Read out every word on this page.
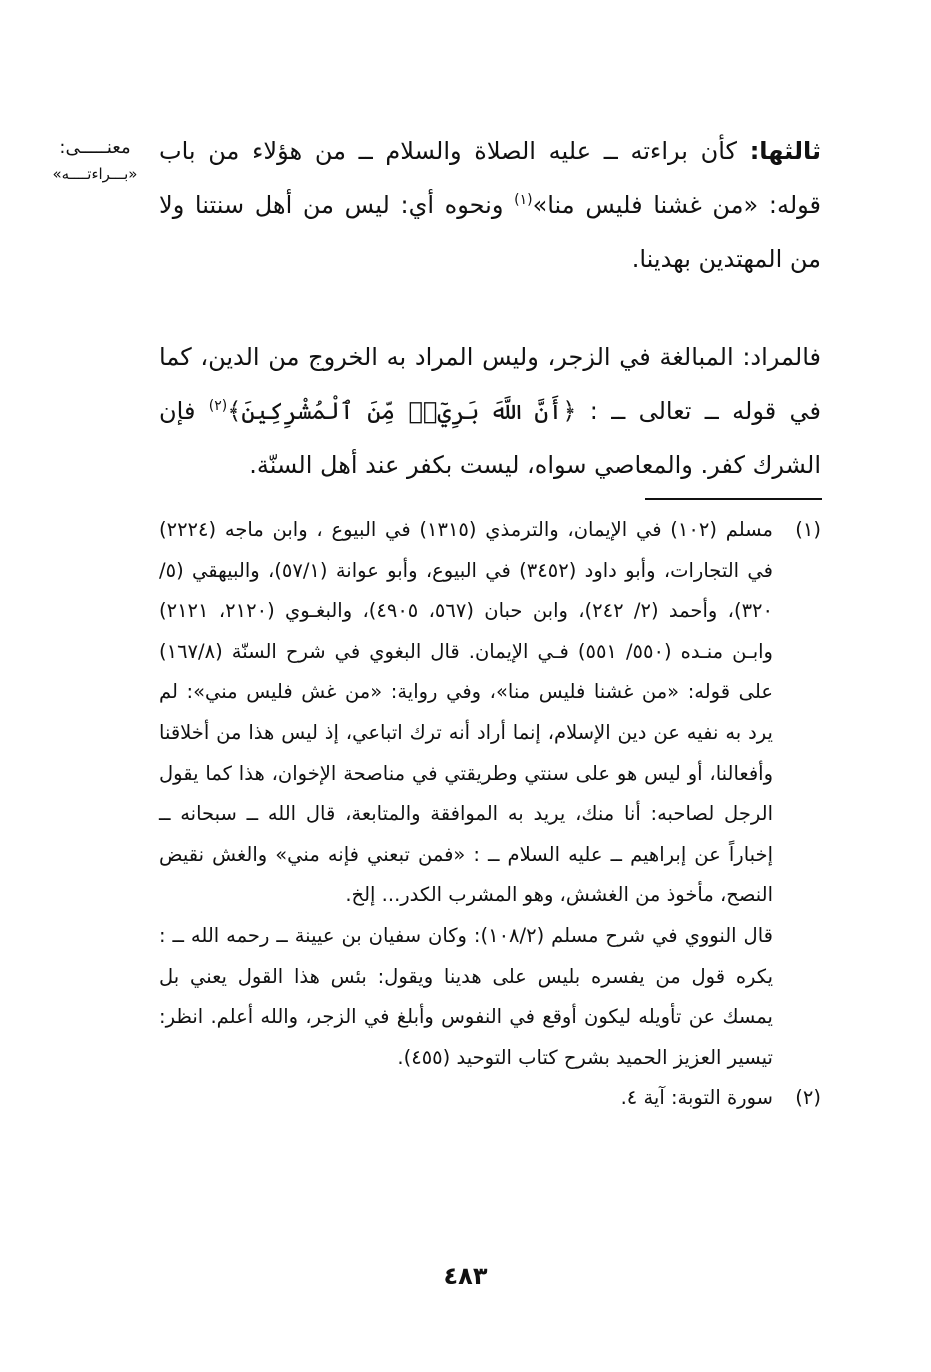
معنـــــى:
«بـــراءتــــه»

ثالثها: كأن براءته ــ عليه الصلاة والسلام ــ من هؤلاء من باب قوله: «من غشنا فليس منا»$^{(١)}$ ونحوه أي: ليس من أهل سنتنا ولا من المهتدين بهدينا.

فالمراد: المبالغة في الزجر، وليس المراد به الخروج من الدين، كما في قوله ــ تعالى ــ : ﴿أَنَّ اللَّهَ بَرِيٓءٞ مِّنَ ٱلْمُشْرِكِينَ﴾$^{(٢)}$ فإن الشرك كفر. والمعاصي سواه، ليست بكفر عند أهل السنّة.

(١)

مسلم (١٠٢) في الإيمان، والترمذي (١٣١٥) في البيوع ، وابن ماجه (٢٢٢٤) في التجارات، وأبو داود (٣٤٥٢) في البيوع، وأبو عوانة (٥٧/١)، والبيهقي (٥/ ٣٢٠)، وأحمد (٢/ ٢٤٢)، وابن حبان (٥٦٧، ٤٩٠٥)، والبغـوي (٢١٢٠، ٢١٢١) وابـن منـده (٥٥٠/ ٥٥١) فـي الإيمان. قال البغوي في شرح السنّة (١٦٧/٨) على قوله: «من غشنا فليس منا»، وفي رواية: «من غش فليس مني»: لم يرد به نفيه عن دين الإسلام، إنما أراد أنه ترك اتباعي، إذ ليس هذا من أخلاقنا وأفعالنا، أو ليس هو على سنتي وطريقتي في مناصحة الإخوان، هذا كما يقول الرجل لصاحبه: أنا منك، يريد به الموافقة والمتابعة، قال الله ــ سبحانه ــ إخباراً عن إبراهيم ــ عليه السلام ــ : «فمن تبعني فإنه مني» والغش نقيض النصح، مأخوذ من الغشش، وهو المشرب الكدر... إلخ.

قال النووي في شرح مسلم (١٠٨/٢): وكان سفيان بن عيينة ــ رحمه الله ــ : يكره قول من يفسره بليس على هدينا ويقول: بئس هذا القول يعني بل يمسك عن تأويله ليكون أوقع في النفوس وأبلغ في الزجر، والله أعلم. انظر: تيسير العزيز الحميد بشرح كتاب التوحيد (٤٥٥).

(٢)

سورة التوبة: آية ٤.

٤٨٣
